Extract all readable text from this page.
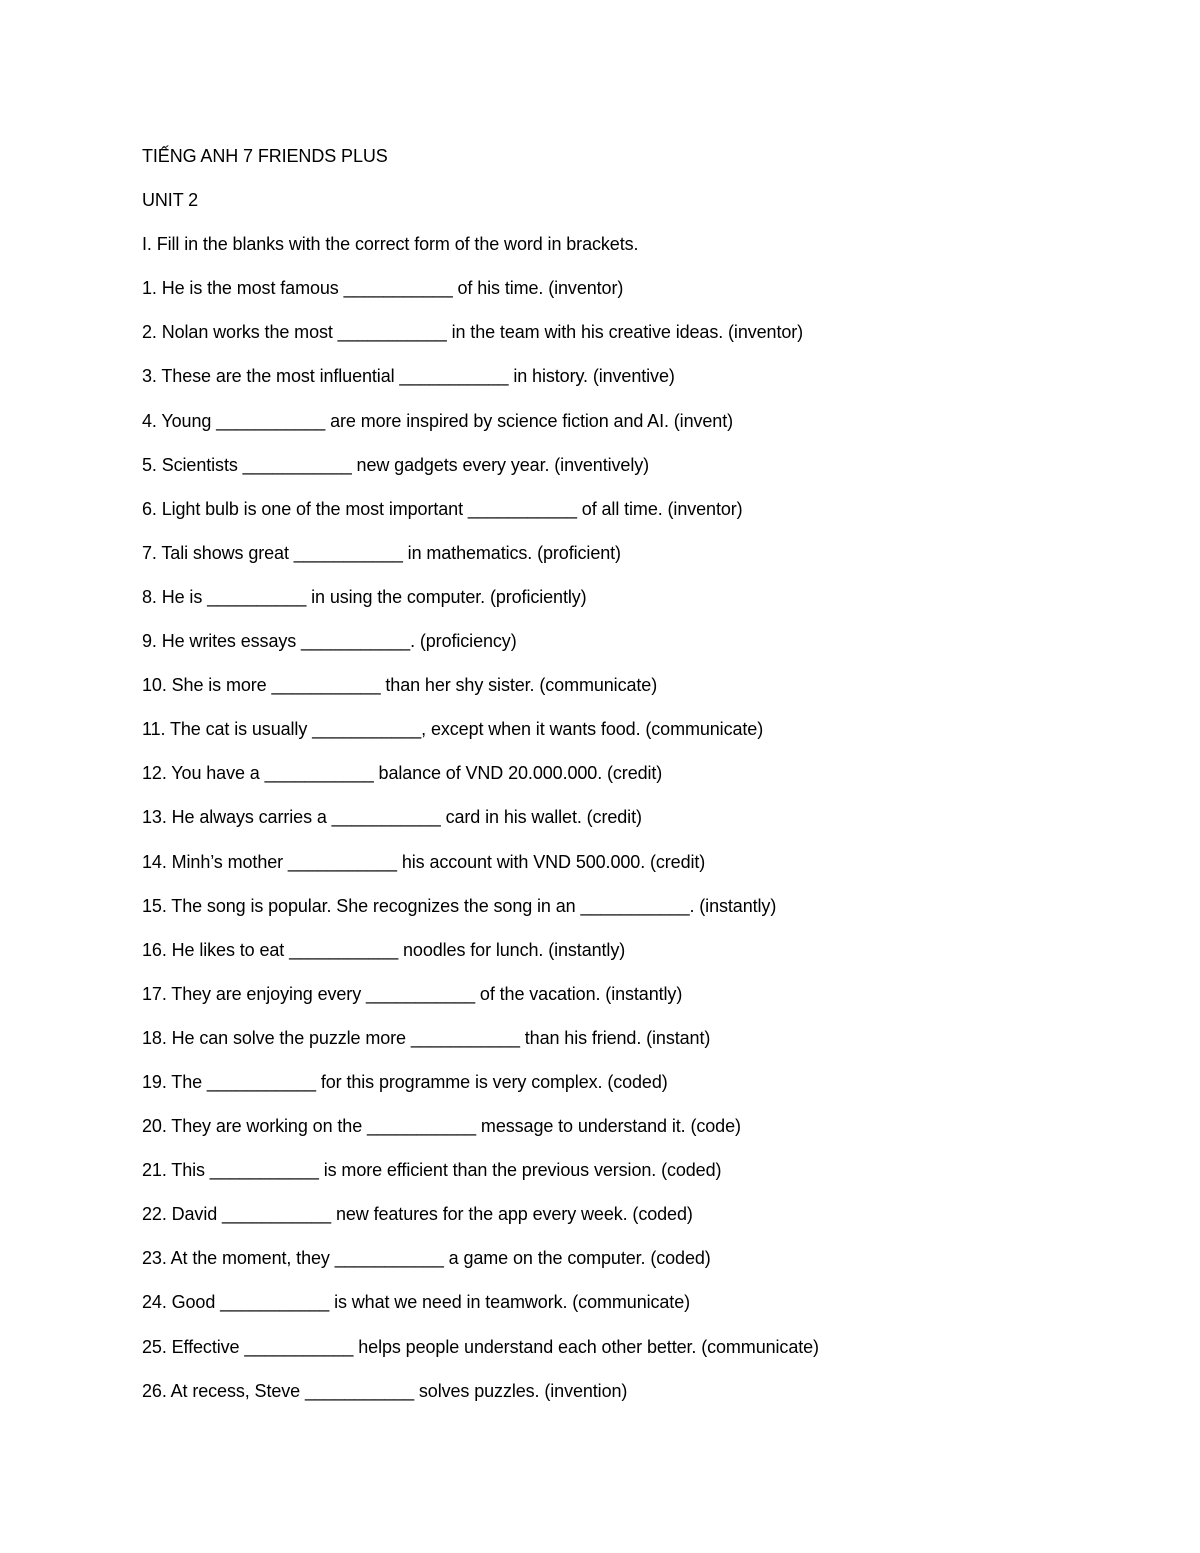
TIẾNG ANH 7 FRIENDS PLUS
UNIT 2
I. Fill in the blanks with the correct form of the word in brackets.
1. He is the most famous ___________ of his time. (inventor)
2. Nolan works the most ___________ in the team with his creative ideas. (inventor)
3. These are the most influential ___________ in history. (inventive)
4. Young ___________ are more inspired by science fiction and AI. (invent)
5. Scientists ___________ new gadgets every year. (inventively)
6. Light bulb is one of the most important ___________ of all time. (inventor)
7. Tali shows great ___________ in mathematics. (proficient)
8. He is __________ in using the computer. (proficiently)
9. He writes essays ___________. (proficiency)
10. She is more ___________ than her shy sister. (communicate)
11. The cat is usually ___________, except when it wants food. (communicate)
12. You have a ___________ balance of VND 20.000.000. (credit)
13. He always carries a ___________ card in his wallet. (credit)
14. Minh’s mother ___________ his account with VND 500.000. (credit)
15. The song is popular. She recognizes the song in an ___________. (instantly)
16. He likes to eat ___________ noodles for lunch. (instantly)
17. They are enjoying every ___________ of the vacation. (instantly)
18. He can solve the puzzle more ___________ than his friend. (instant)
19. The ___________ for this programme is very complex. (coded)
20. They are working on the ___________ message to understand it. (code)
21. This ___________ is more efficient than the previous version. (coded)
22. David ___________ new features for the app every week. (coded)
23. At the moment, they ___________ a game on the computer. (coded)
24. Good ___________ is what we need in teamwork. (communicate)
25. Effective ___________ helps people understand each other better. (communicate)
26. At recess, Steve ___________ solves puzzles. (invention)
